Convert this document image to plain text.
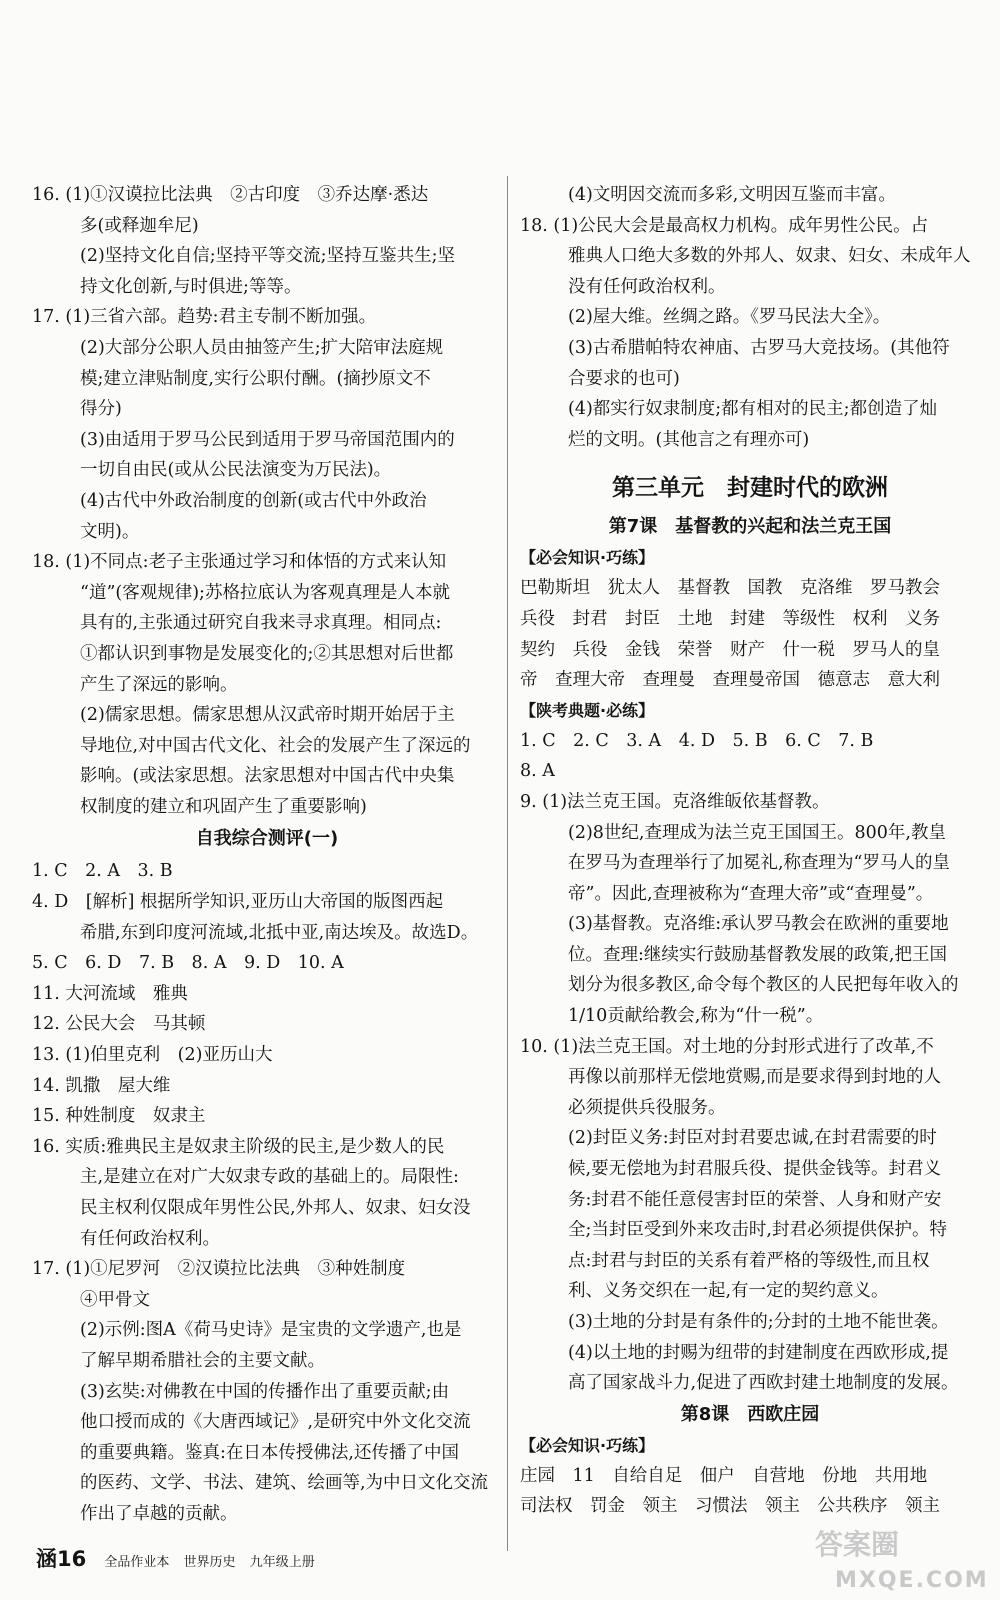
16. (1)①汉谟拉比法典　②古印度　③乔达摩·悉达
多(或释迦牟尼)
(2)坚持文化自信;坚持平等交流;坚持互鉴共生;坚
持文化创新,与时俱进;等等。
17. (1)三省六部。趋势:君主专制不断加强。
(2)大部分公职人员由抽签产生;扩大陪审法庭规
模;建立津贴制度,实行公职付酬。(摘抄原文不
得分)
(3)由适用于罗马公民到适用于罗马帝国范围内的
一切自由民(或从公民法演变为万民法)。
(4)古代中外政治制度的创新(或古代中外政治
文明)。
18. (1)不同点:老子主张通过学习和体悟的方式来认知
“道”(客观规律);苏格拉底认为客观真理是人本就
具有的,主张通过研究自我来寻求真理。相同点:
①都认识到事物是发展变化的;②其思想对后世都
产生了深远的影响。
(2)儒家思想。儒家思想从汉武帝时期开始居于主
导地位,对中国古代文化、社会的发展产生了深远的
影响。(或法家思想。法家思想对中国古代中央集
权制度的建立和巩固产生了重要影响)
自我综合测评(一)
1. C　2. A　3. B
4. D　[解析] 根据所学知识,亚历山大帝国的版图西起
希腊,东到印度河流域,北抵中亚,南达埃及。故选D。
5. C　6. D　7. B　8. A　9. D　10. A
11. 大河流域　雅典
12. 公民大会　马其顿
13. (1)伯里克利　(2)亚历山大
14. 凯撒　屋大维
15. 种姓制度　奴隶主
16. 实质:雅典民主是奴隶主阶级的民主,是少数人的民
主,是建立在对广大奴隶专政的基础上的。局限性:
民主权利仅限成年男性公民,外邦人、奴隶、妇女没
有任何政治权利。
17. (1)①尼罗河　②汉谟拉比法典　③种姓制度
④甲骨文
(2)示例:图A《荷马史诗》是宝贵的文学遗产,也是
了解早期希腊社会的主要文献。
(3)玄奘:对佛教在中国的传播作出了重要贡献;由
他口授而成的《大唐西域记》,是研究中外文化交流
的重要典籍。鉴真:在日本传授佛法,还传播了中国
的医药、文学、书法、建筑、绘画等,为中日文化交流
作出了卓越的贡献。
(4)文明因交流而多彩,文明因互鉴而丰富。
18. (1)公民大会是最高权力机构。成年男性公民。占
雅典人口绝大多数的外邦人、奴隶、妇女、未成年人
没有任何政治权利。
(2)屋大维。丝绸之路。《罗马民法大全》。
(3)古希腊帕特农神庙、古罗马大竞技场。(其他符
合要求的也可)
(4)都实行奴隶制度;都有相对的民主;都创造了灿
烂的文明。(其他言之有理亦可)
第三单元　封建时代的欧洲
第7课　基督教的兴起和法兰克王国
【必会知识·巧练】
巴勒斯坦　犹太人　基督教　国教　克洛维　罗马教会
兵役　封君　封臣　土地　封建　等级性　权利　义务
契约　兵役　金钱　荣誉　财产　什一税　罗马人的皇
帝　查理大帝　查理曼　查理曼帝国　德意志　意大利
【陕考典题·必练】
1. C　2. C　3. A　4. D　5. B　6. C　7. B
8. A
9. (1)法兰克王国。克洛维皈依基督教。
(2)8世纪,查理成为法兰克王国国王。800年,教皇
在罗马为查理举行了加冕礼,称查理为“罗马人的皇
帝”。因此,查理被称为“查理大帝”或“查理曼”。
(3)基督教。克洛维:承认罗马教会在欧洲的重要地
位。查理:继续实行鼓励基督教发展的政策,把王国
划分为很多教区,命令每个教区的人民把每年收入的
1/10贡献给教会,称为“什一税”。
10. (1)法兰克王国。对土地的分封形式进行了改革,不
再像以前那样无偿地赏赐,而是要求得到封地的人
必须提供兵役服务。
(2)封臣义务:封臣对封君要忠诚,在封君需要的时
候,要无偿地为封君服兵役、提供金钱等。封君义
务:封君不能任意侵害封臣的荣誉、人身和财产安
全;当封臣受到外来攻击时,封君必须提供保护。特
点:封君与封臣的关系有着严格的等级性,而且权
利、义务交织在一起,有一定的契约意义。
(3)土地的分封是有条件的;分封的土地不能世袭。
(4)以土地的封赐为纽带的封建制度在西欧形成,提
高了国家战斗力,促进了西欧封建土地制度的发展。
第8课　西欧庄园
【必会知识·巧练】
庄园　11　自给自足　佃户　自营地　份地　共用地
司法权　罚金　领主　习惯法　领主　公共秩序　领主
涵16 全品作业本 世界历史 九年级上册
答案圈
MXQE.COM
